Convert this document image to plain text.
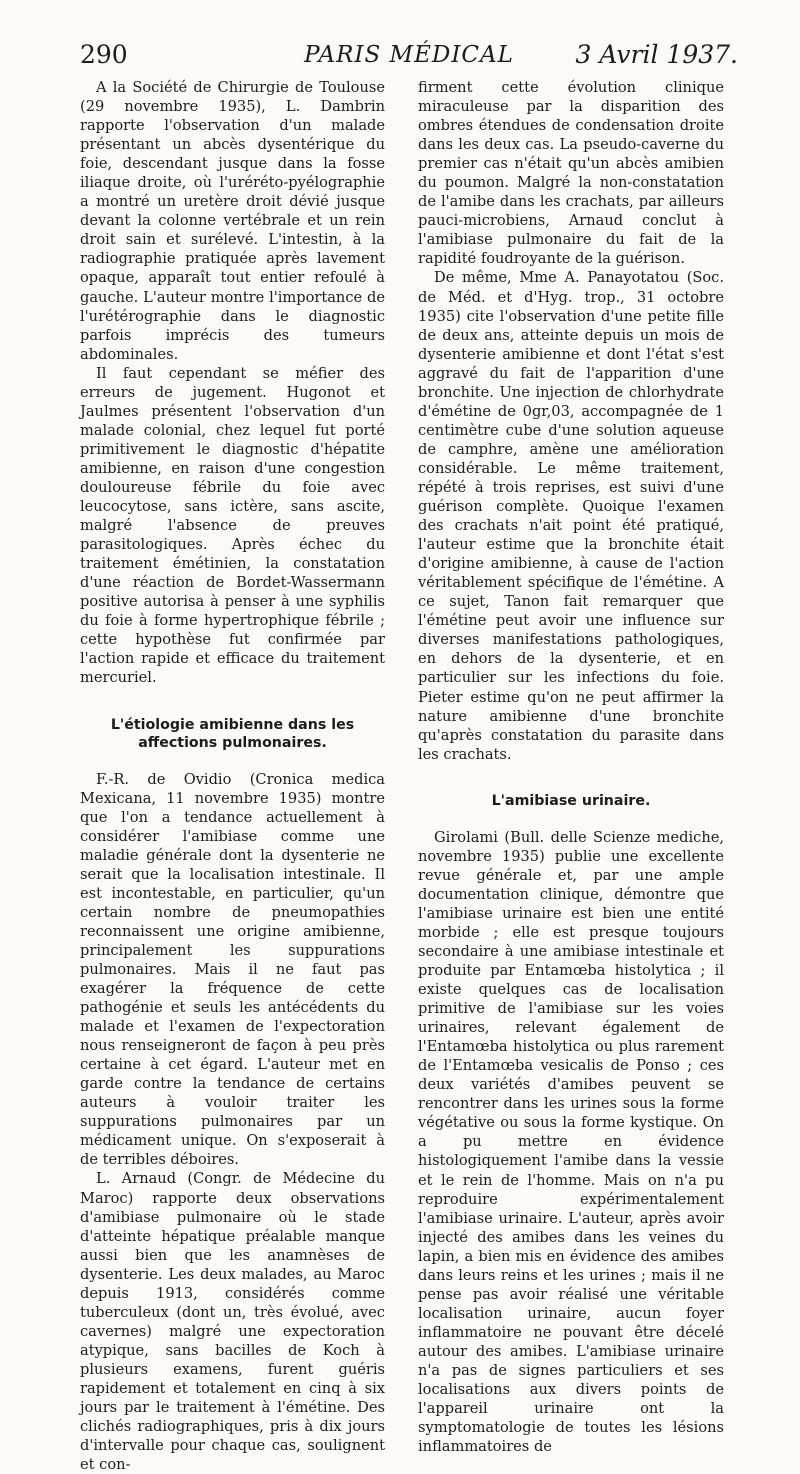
290	PARIS MÉDICAL	3 Avril 1937.

A la Société de Chirurgie de Toulouse (29 novembre 1935), L. Dambrin rapporte l'observation d'un malade présentant un abcès dysentérique du foie, descendant jusque dans la fosse iliaque droite, où l'uréréto-pyélographie a montré un uretère droit dévié jusque devant la colonne vertébrale et un rein droit sain et surélevé. L'intestin, à la radiographie pratiquée après lavement opaque, apparaît tout entier refoulé à gauche. L'auteur montre l'importance de l'urétérographie dans le diagnostic parfois imprécis des tumeurs abdominales.

Il faut cependant se méfier des erreurs de jugement. Hugonot et Jaulmes présentent l'observation d'un malade colonial, chez lequel fut porté primitivement le diagnostic d'hépatite amibienne, en raison d'une congestion douloureuse fébrile du foie avec leucocytose, sans ictère, sans ascite, malgré l'absence de preuves parasitologiques. Après échec du traitement émétinien, la constatation d'une réaction de Bordet-Wassermann positive autorisa à penser à une syphilis du foie à forme hypertrophique fébrile ; cette hypothèse fut confirmée par l'action rapide et efficace du traitement mercuriel.

L'étiologie amibienne dans les affections pulmonaires.

F.-R. de Ovidio (Cronica medica Mexicana, 11 novembre 1935) montre que l'on a tendance actuellement à considérer l'amibiase comme une maladie générale dont la dysenterie ne serait que la localisation intestinale. Il est incontestable, en particulier, qu'un certain nombre de pneumopathies reconnaissent une origine amibienne, principalement les suppurations pulmonaires. Mais il ne faut pas exagérer la fréquence de cette pathogénie et seuls les antécédents du malade et l'examen de l'expectoration nous renseigneront de façon à peu près certaine à cet égard. L'auteur met en garde contre la tendance de certains auteurs à vouloir traiter les suppurations pulmonaires par un médicament unique. On s'exposerait à de terribles déboires.

L. Arnaud (Congr. de Médecine du Maroc) rapporte deux observations d'amibiase pulmonaire où le stade d'atteinte hépatique préalable manque aussi bien que les anamnèses de dysenterie. Les deux malades, au Maroc depuis 1913, considérés comme tuberculeux (dont un, très évolué, avec cavernes) malgré une expectoration atypique, sans bacilles de Koch à plusieurs examens, furent guéris rapidement et totalement en cinq à six jours par le traitement à l'émétine. Des clichés radiographiques, pris à dix jours d'intervalle pour chaque cas, soulignent et con-

firment cette évolution clinique miraculeuse par la disparition des ombres étendues de condensation droite dans les deux cas. La pseudo-caverne du premier cas n'était qu'un abcès amibien du poumon. Malgré la non-constatation de l'amibe dans les crachats, par ailleurs pauci-microbiens, Arnaud conclut à l'amibiase pulmonaire du fait de la rapidité foudroyante de la guérison.

De même, Mme A. Panayotatou (Soc. de Méd. et d'Hyg. trop., 31 octobre 1935) cite l'observation d'une petite fille de deux ans, atteinte depuis un mois de dysenterie amibienne et dont l'état s'est aggravé du fait de l'apparition d'une bronchite. Une injection de chlorhydrate d'émétine de 0gr,03, accompagnée de 1 centimètre cube d'une solution aqueuse de camphre, amène une amélioration considérable. Le même traitement, répété à trois reprises, est suivi d'une guérison complète. Quoique l'examen des crachats n'ait point été pratiqué, l'auteur estime que la bronchite était d'origine amibienne, à cause de l'action véritablement spécifique de l'émétine. A ce sujet, Tanon fait remarquer que l'émétine peut avoir une influence sur diverses manifestations pathologiques, en dehors de la dysenterie, et en particulier sur les infections du foie. Pieter estime qu'on ne peut affirmer la nature amibienne d'une bronchite qu'après constatation du parasite dans les crachats.

L'amibiase urinaire.

Girolami (Bull. delle Scienze mediche, novembre 1935) publie une excellente revue générale et, par une ample documentation clinique, démontre que l'amibiase urinaire est bien une entité morbide ; elle est presque toujours secondaire à une amibiase intestinale et produite par Entamœba histolytica ; il existe quelques cas de localisation primitive de l'amibiase sur les voies urinaires, relevant également de l'Entamœba histolytica ou plus rarement de l'Entamœba vesicalis de Ponso ; ces deux variétés d'amibes peuvent se rencontrer dans les urines sous la forme végétative ou sous la forme kystique. On a pu mettre en évidence histologiquement l'amibe dans la vessie et le rein de l'homme. Mais on n'a pu reproduire expérimentalement l'amibiase urinaire. L'auteur, après avoir injecté des amibes dans les veines du lapin, a bien mis en évidence des amibes dans leurs reins et les urines ; mais il ne pense pas avoir réalisé une véritable localisation urinaire, aucun foyer inflammatoire ne pouvant être décelé autour des amibes. L'amibiase urinaire n'a pas de signes particuliers et ses localisations aux divers points de l'appareil urinaire ont la symptomatologie de toutes les lésions inflammatoires de
